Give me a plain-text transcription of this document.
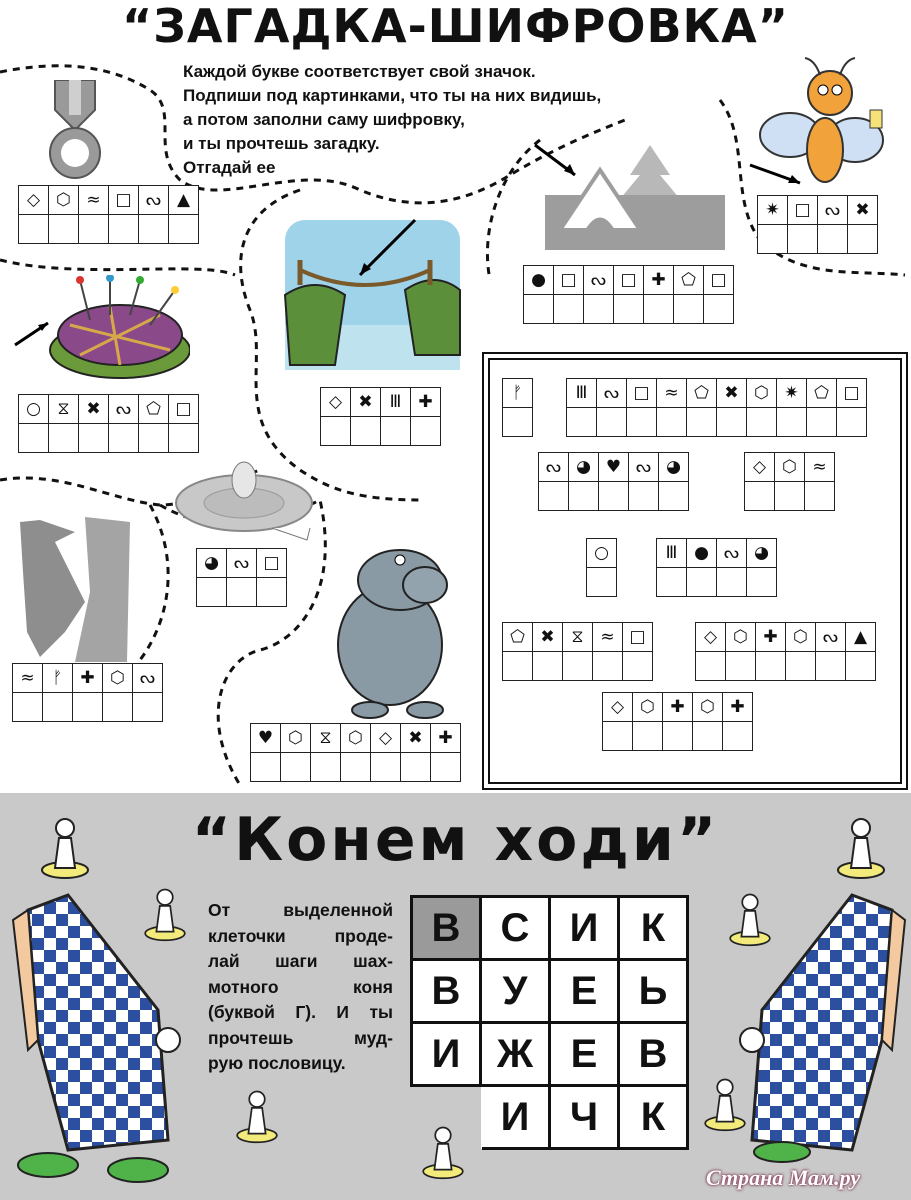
“ЗАГАДКА-ШИФРОВКА”
Каждой букве соответствует свой значок.
Подпиши под картинками, что ты на них видишь,
а потом заполни саму шифровку,
и ты прочтешь загадку.
Отгадай ее
◇	⬡	≈	□	ᔓ	▲

○	⧖	✖	ᔓ	⬠	□
						◇	✖	Ⅲ	✚

●	□	ᔓ	□	✚	⬠	□

✷	□	ᔓ	✖

◕	ᔓ	□

≈	ᚠ	✚	⬡	ᔓ

♥	⬡	⧖	⬡	◇	✖	✚

ᚠ	Ⅲ	ᔓ	□	≈	⬠	✖	⬡	✷	⬠	□

ᔓ	◕	♥	ᔓ	◕
					◇	⬡	≈

○	Ⅲ	●	ᔓ	◕

⬠	✖	⧖	≈	□
					◇	⬡	✚	⬡	ᔓ	▲

◇	⬡	✚	⬡	✚

“Конем ходи”
От выделенной
клеточки проде-
лай шаги шах-
мотного коня
(буквой Г). И ты
прочтешь муд-
рую пословицу.
В	С	И	К
В	У	Е	Ь
И	Ж	Е	В
	И	Ч	К
Страна Мам.ру
